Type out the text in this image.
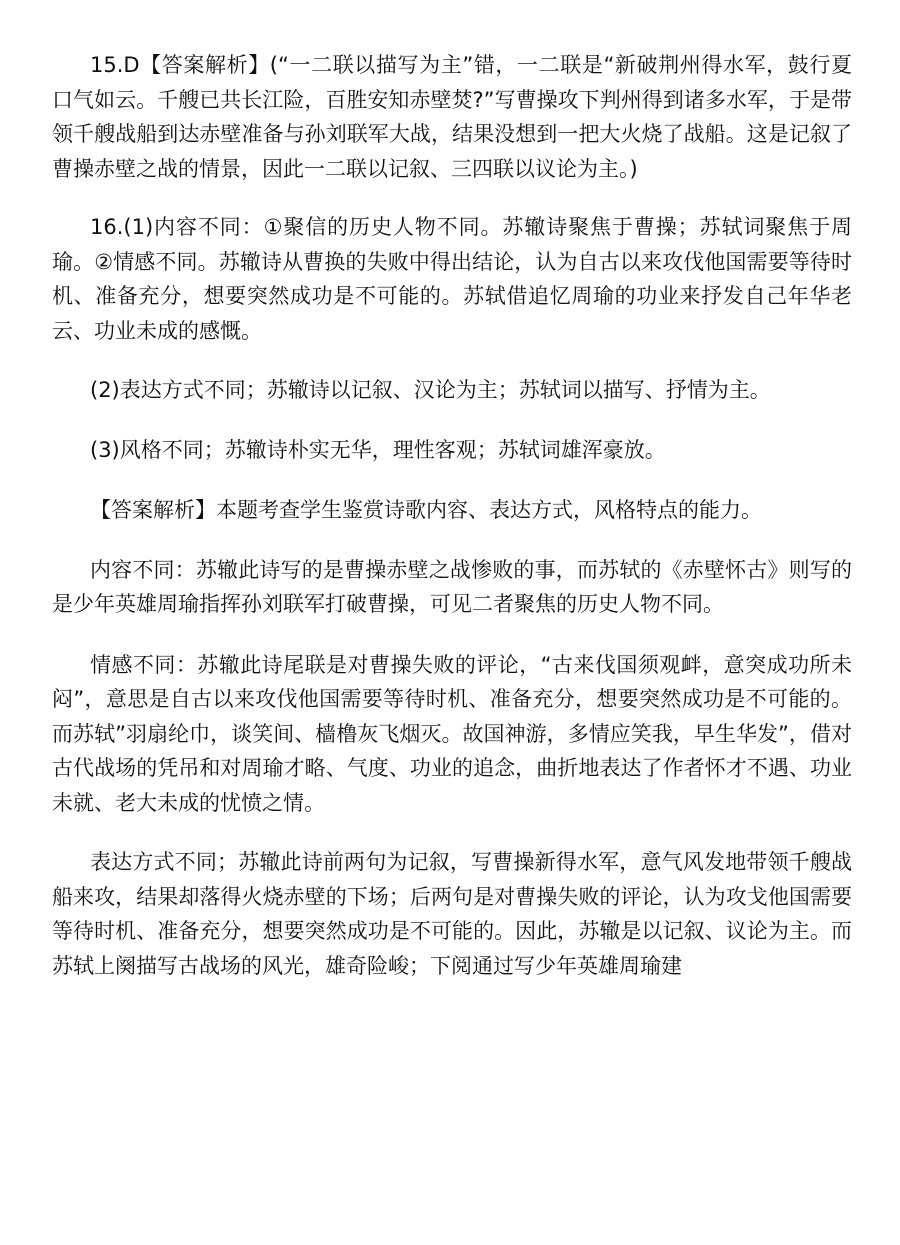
15.D【答案解析】(“一二联以描写为主”错，一二联是“新破荆州得水军，鼓行夏口气如云。千艘已共长江险，百胜安知赤壁焚?”写曹操攻下判州得到诸多水军，于是带领千艘战船到达赤壁准备与孙刘联军大战，结果没想到一把大火烧了战船。这是记叙了曹操赤壁之战的情景，因此一二联以记叙、三四联以议论为主。)

16.(1)内容不同：①聚信的历史人物不同。苏辙诗聚焦于曹操；苏轼词聚焦于周瑜。②情感不同。苏辙诗从曹换的失败中得出结论，认为自古以来攻伐他国需要等待时机、准备充分，想要突然成功是不可能的。苏轼借追忆周瑜的功业来抒发自己年华老云、功业未成的感慨。

(2)表达方式不同；苏辙诗以记叙、汉论为主；苏轼词以描写、抒情为主。

(3)风格不同；苏辙诗朴实无华，理性客观；苏轼词雄浑豪放。

【答案解析】本题考查学生鉴赏诗歌内容、表达方式，风格特点的能力。

内容不同：苏辙此诗写的是曹操赤壁之战惨败的事，而苏轼的《赤壁怀古》则写的是少年英雄周瑜指挥孙刘联军打破曹操，可见二者聚焦的历史人物不同。

情感不同：苏辙此诗尾联是对曹操失败的评论，“古来伐国须观衅，意突成功所未闷”，意思是自古以来攻伐他国需要等待时机、准备充分，想要突然成功是不可能的。而苏轼”羽扇纶巾，谈笑间、樯橹灰飞烟灭。故国神游，多情应笑我，早生华发”，借对古代战场的凭吊和对周瑜才略、气度、功业的追念，曲折地表达了作者怀才不遇、功业未就、老大未成的忧愤之情。

表达方式不同；苏辙此诗前两句为记叙，写曹操新得水军，意气风发地带领千艘战船来攻，结果却落得火烧赤壁的下场；后两句是对曹操失败的评论，认为攻戈他国需要等待时机、准备充分，想要突然成功是不可能的。因此，苏辙是以记叙、议论为主。而苏轼上阕描写古战场的风光，雄奇险峻；下阅通过写少年英雄周瑜建
